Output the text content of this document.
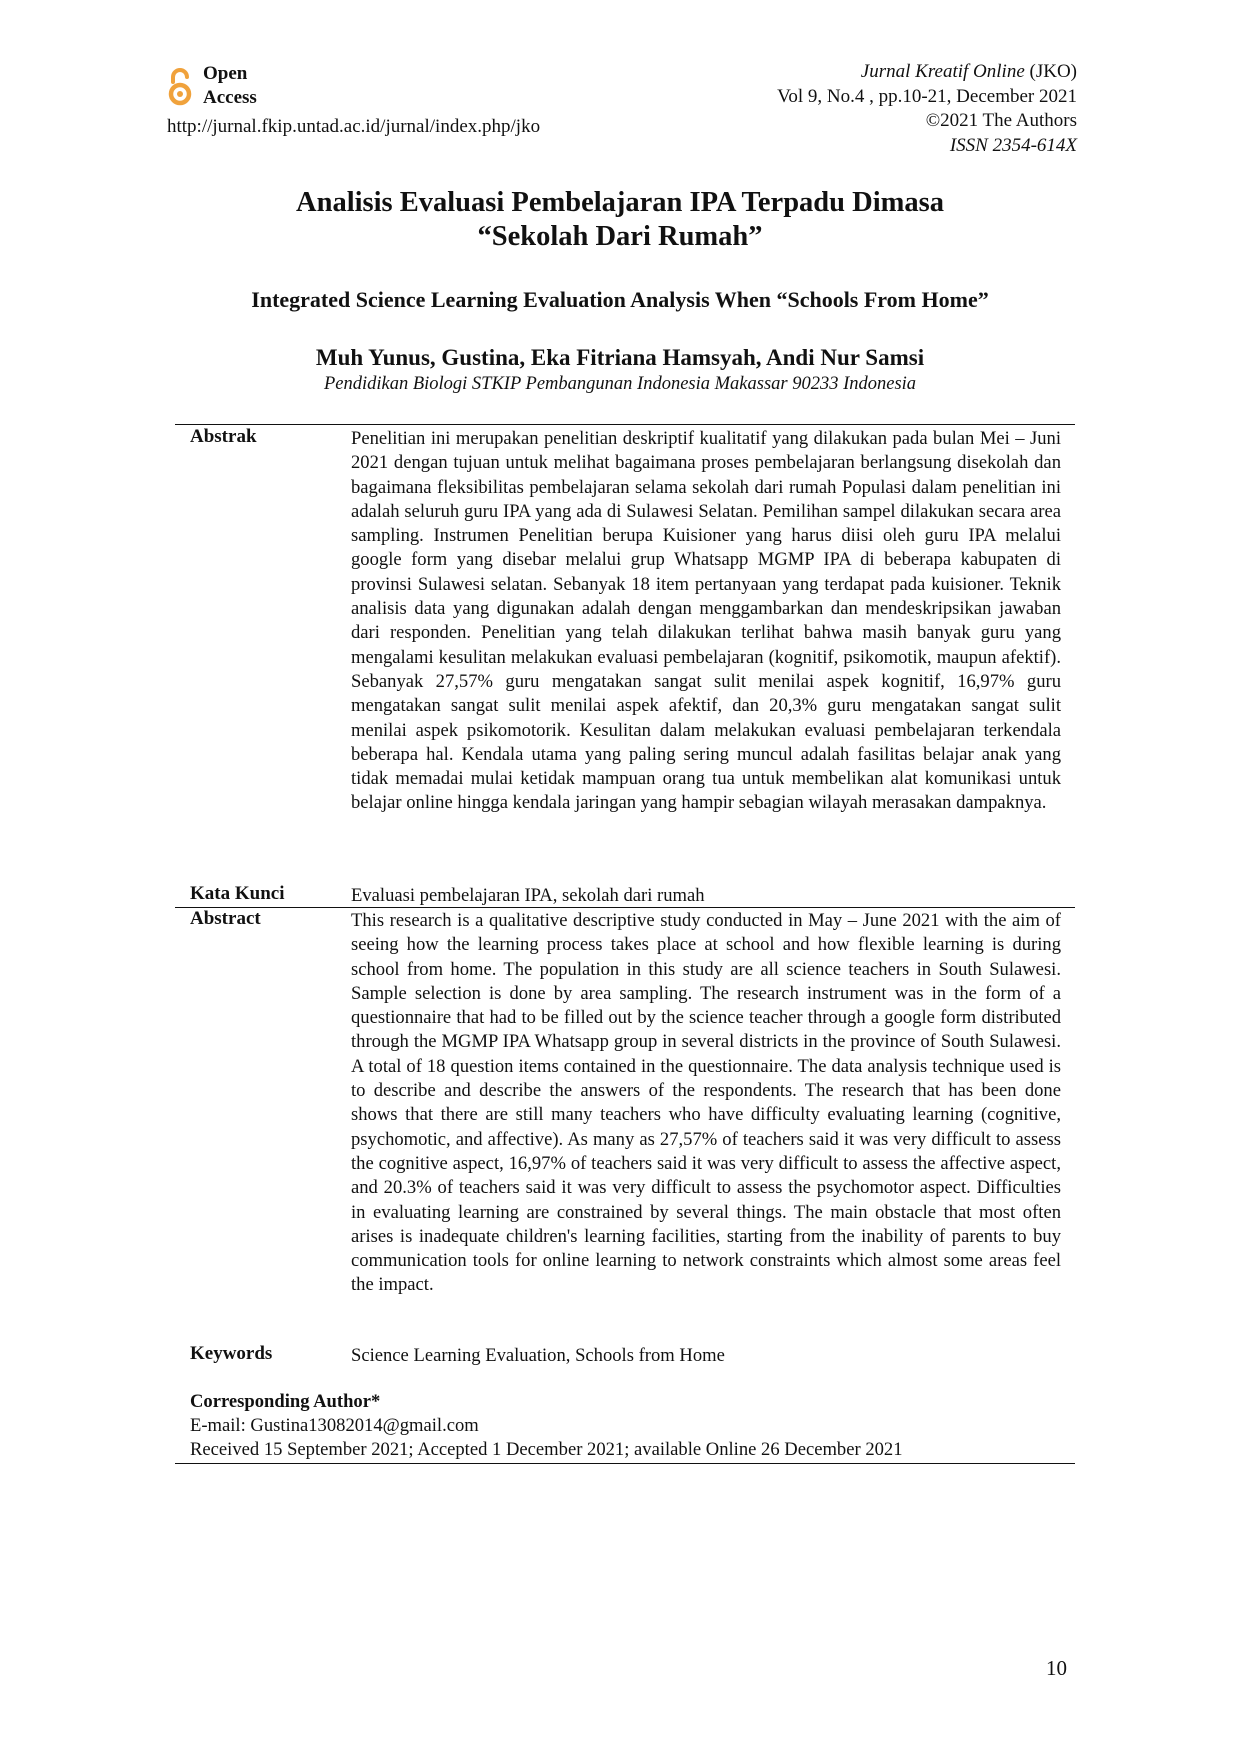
Open
Access
http://jurnal.fkip.untad.ac.id/jurnal/index.php/jko
Jurnal Kreatif Online (JKO)
Vol 9, No.4 , pp.10-21, December 2021
©2021 The Authors
ISSN 2354-614X
Analisis Evaluasi Pembelajaran IPA Terpadu Dimasa
“Sekolah Dari Rumah”
Integrated Science Learning Evaluation Analysis When “Schools From Home”
Muh Yunus, Gustina, Eka Fitriana Hamsyah, Andi Nur Samsi
Pendidikan Biologi STKIP Pembangunan Indonesia Makassar 90233 Indonesia
Abstrak	Penelitian ini merupakan penelitian deskriptif kualitatif yang dilakukan pada bulan Mei – Juni 2021 dengan tujuan untuk melihat bagaimana proses pembelajaran berlangsung disekolah dan bagaimana fleksibilitas pembelajaran selama sekolah dari rumah Populasi dalam penelitian ini adalah seluruh guru IPA yang ada di Sulawesi Selatan. Pemilihan sampel dilakukan secara area sampling. Instrumen Penelitian berupa Kuisioner yang harus diisi oleh guru IPA melalui google form yang disebar melalui grup Whatsapp MGMP IPA di beberapa kabupaten di provinsi Sulawesi selatan. Sebanyak 18 item pertanyaan yang terdapat pada kuisioner. Teknik analisis data yang digunakan adalah dengan menggambarkan dan mendeskripsikan jawaban dari responden. Penelitian yang telah dilakukan terlihat bahwa masih banyak guru yang mengalami kesulitan melakukan evaluasi pembelajaran (kognitif, psikomotik, maupun afektif). Sebanyak 27,57% guru mengatakan sangat sulit menilai aspek kognitif, 16,97% guru mengatakan sangat sulit menilai aspek afektif, dan 20,3% guru mengatakan sangat sulit menilai aspek psikomotorik. Kesulitan dalam melakukan evaluasi pembelajaran terkendala beberapa hal. Kendala utama yang paling sering muncul adalah fasilitas belajar anak yang tidak memadai mulai ketidak mampuan orang tua untuk membelikan alat komunikasi untuk belajar online hingga kendala jaringan yang hampir sebagian wilayah merasakan dampaknya.
Kata Kunci	Evaluasi pembelajaran IPA, sekolah dari rumah
Abstract	This research is a qualitative descriptive study conducted in May – June 2021 with the aim of seeing how the learning process takes place at school and how flexible learning is during school from home. The population in this study are all science teachers in South Sulawesi. Sample selection is done by area sampling. The research instrument was in the form of a questionnaire that had to be filled out by the science teacher through a google form distributed through the MGMP IPA Whatsapp group in several districts in the province of South Sulawesi. A total of 18 question items contained in the questionnaire. The data analysis technique used is to describe and describe the answers of the respondents. The research that has been done shows that there are still many teachers who have difficulty evaluating learning (cognitive, psychomotic, and affective). As many as 27,57% of teachers said it was very difficult to assess the cognitive aspect, 16,97% of teachers said it was very difficult to assess the affective aspect, and 20.3% of teachers said it was very difficult to assess the psychomotor aspect. Difficulties in evaluating learning are constrained by several things. The main obstacle that most often arises is inadequate children's learning facilities, starting from the inability of parents to buy communication tools for online learning to network constraints which almost some areas feel the impact.
Keywords	Science Learning Evaluation, Schools from Home
Corresponding Author*
E-mail: Gustina13082014@gmail.com
Received 15 September 2021; Accepted 1 December 2021; available Online 26 December 2021
10
